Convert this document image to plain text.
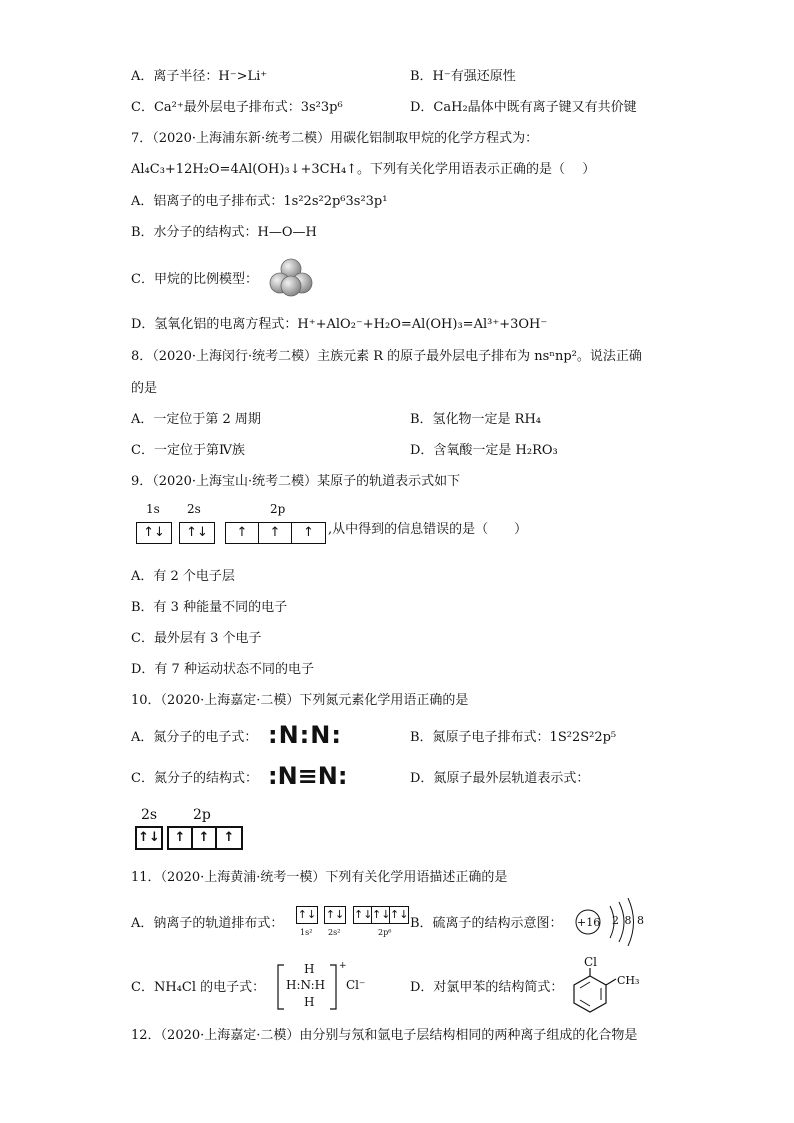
A．离子半径：H⁻>Li⁺	B．H⁻有强还原性
C．Ca²⁺最外层电子排布式：3s²3p⁶	D．CaH₂晶体中既有离子键又有共价键
7．（2020·上海浦东新·统考二模）用碳化铝制取甲烷的化学方程式为：
Al₄C₃+12H₂O=4Al(OH)₃↓+3CH₄↑。下列有关化学用语表示正确的是（　 ）
A．铝离子的电子排布式：1s²2s²2p⁶3s²3p¹
B．水分子的结构式：H—O—H
C．甲烷的比例模型：
D．氢氧化铝的电离方程式：H⁺+AlO₂⁻+H₂O=Al(OH)₃=Al³⁺+3OH⁻
8．（2020·上海闵行·统考二模）主族元素 R 的原子最外层电子排布为 nsⁿnp²。说法正确
的是
A．一定位于第 2 周期	B．氢化物一定是 RH₄
C．一定位于第Ⅳ族	D．含氧酸一定是 H₂RO₃
9．（2020·上海宝山·统考二模）某原子的轨道表示式如下
1s 2s	2p
↑↓	↑↓	↑ ↑ ↑	,从中得到的信息错误的是（　　）
A．有 2 个电子层
B．有 3 种能量不同的电子
C．最外层有 3 个电子
D．有 7 种运动状态不同的电子
10．（2020·上海嘉定·二模）下列氮元素化学用语正确的是
A．氮分子的电子式： :N:N:	B．氮原子电子排布式：1S²2S²2p⁵
C．氮分子的结构式： :N≡N:	D．氮原子最外层轨道表示式：
2s	2p
↑↓	↑ ↑ ↑
11．（2020·上海黄浦·统考一模）下列有关化学用语描述正确的是
A．钠离子的轨道排布式：
↑↓ ↑↓ ↑↓↑↓↑↓
1s² 2s²	2p⁶
B．硫离子的结构示意图： +16 2 8 8
C．NH₄Cl 的电子式：
H
H:N:H
H
+
Cl⁻	D．对氯甲苯的结构简式：
Cl
CH₃
12．（2020·上海嘉定·二模）由分别与氖和氩电子层结构相同的两种离子组成的化合物是
